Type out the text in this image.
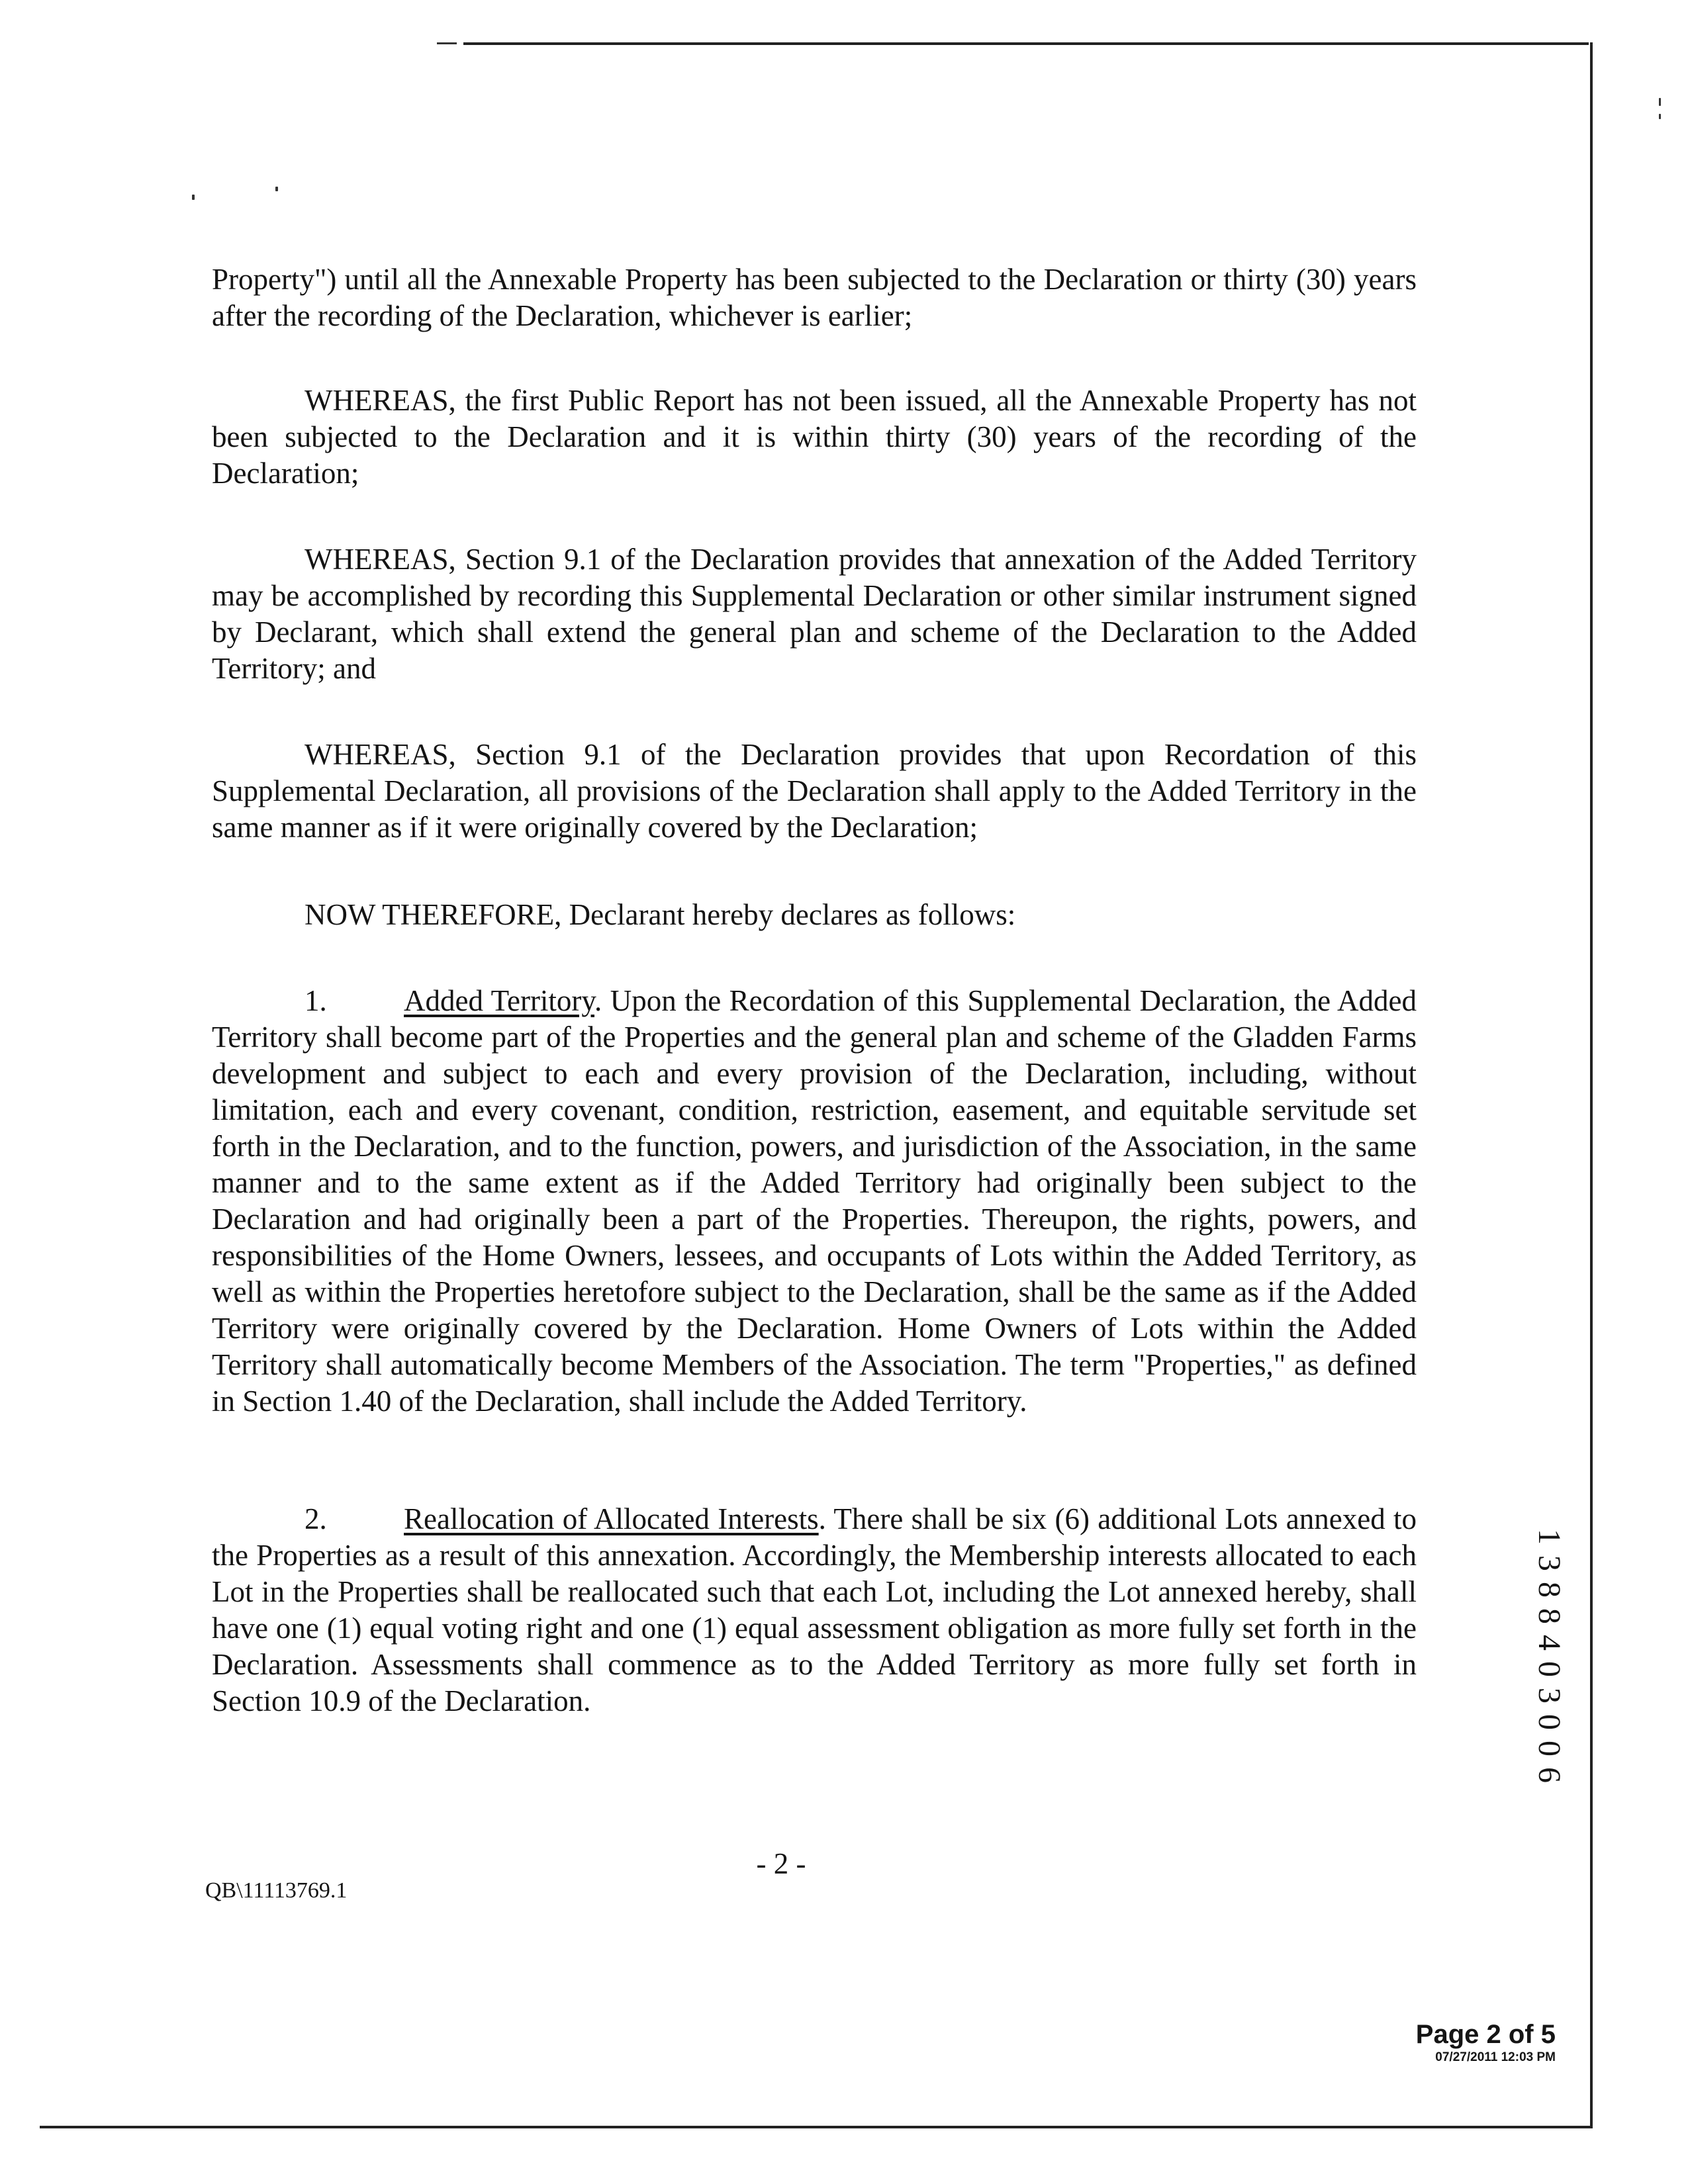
Property") until all the Annexable Property has been subjected to the Declaration or thirty (30) years after the recording of the Declaration, whichever is earlier;

WHEREAS, the first Public Report has not been issued, all the Annexable Property has not been subjected to the Declaration and it is within thirty (30) years of the recording of the Declaration;

WHEREAS, Section 9.1 of the Declaration provides that annexation of the Added Territory may be accomplished by recording this Supplemental Declaration or other similar instrument signed by Declarant, which shall extend the general plan and scheme of the Declaration to the Added Territory; and

WHEREAS, Section 9.1 of the Declaration provides that upon Recordation of this Supplemental Declaration, all provisions of the Declaration shall apply to the Added Territory in the same manner as if it were originally covered by the Declaration;

NOW THEREFORE, Declarant hereby declares as follows:

1.	Added Territory. Upon the Recordation of this Supplemental Declaration, the Added Territory shall become part of the Properties and the general plan and scheme of the Gladden Farms development and subject to each and every provision of the Declaration, including, without limitation, each and every covenant, condition, restriction, easement, and equitable servitude set forth in the Declaration, and to the function, powers, and jurisdiction of the Association, in the same manner and to the same extent as if the Added Territory had originally been subject to the Declaration and had originally been a part of the Properties. Thereupon, the rights, powers, and responsibilities of the Home Owners, lessees, and occupants of Lots within the Added Territory, as well as within the Properties heretofore subject to the Declaration, shall be the same as if the Added Territory were originally covered by the Declaration. Home Owners of Lots within the Added Territory shall automatically become Members of the Association. The term "Properties," as defined in Section 1.40 of the Declaration, shall include the Added Territory.

2.	Reallocation of Allocated Interests. There shall be six (6) additional Lots annexed to the Properties as a result of this annexation. Accordingly, the Membership interests allocated to each Lot in the Properties shall be reallocated such that each Lot, including the Lot annexed hereby, shall have one (1) equal voting right and one (1) equal assessment obligation as more fully set forth in the Declaration. Assessments shall commence as to the Added Territory as more fully set forth in Section 10.9 of the Declaration.

- 2 -
QB\11113769.1
1 3 8 8 4 0 3 0 0 6
Page 2 of 5
07/27/2011 12:03 PM
